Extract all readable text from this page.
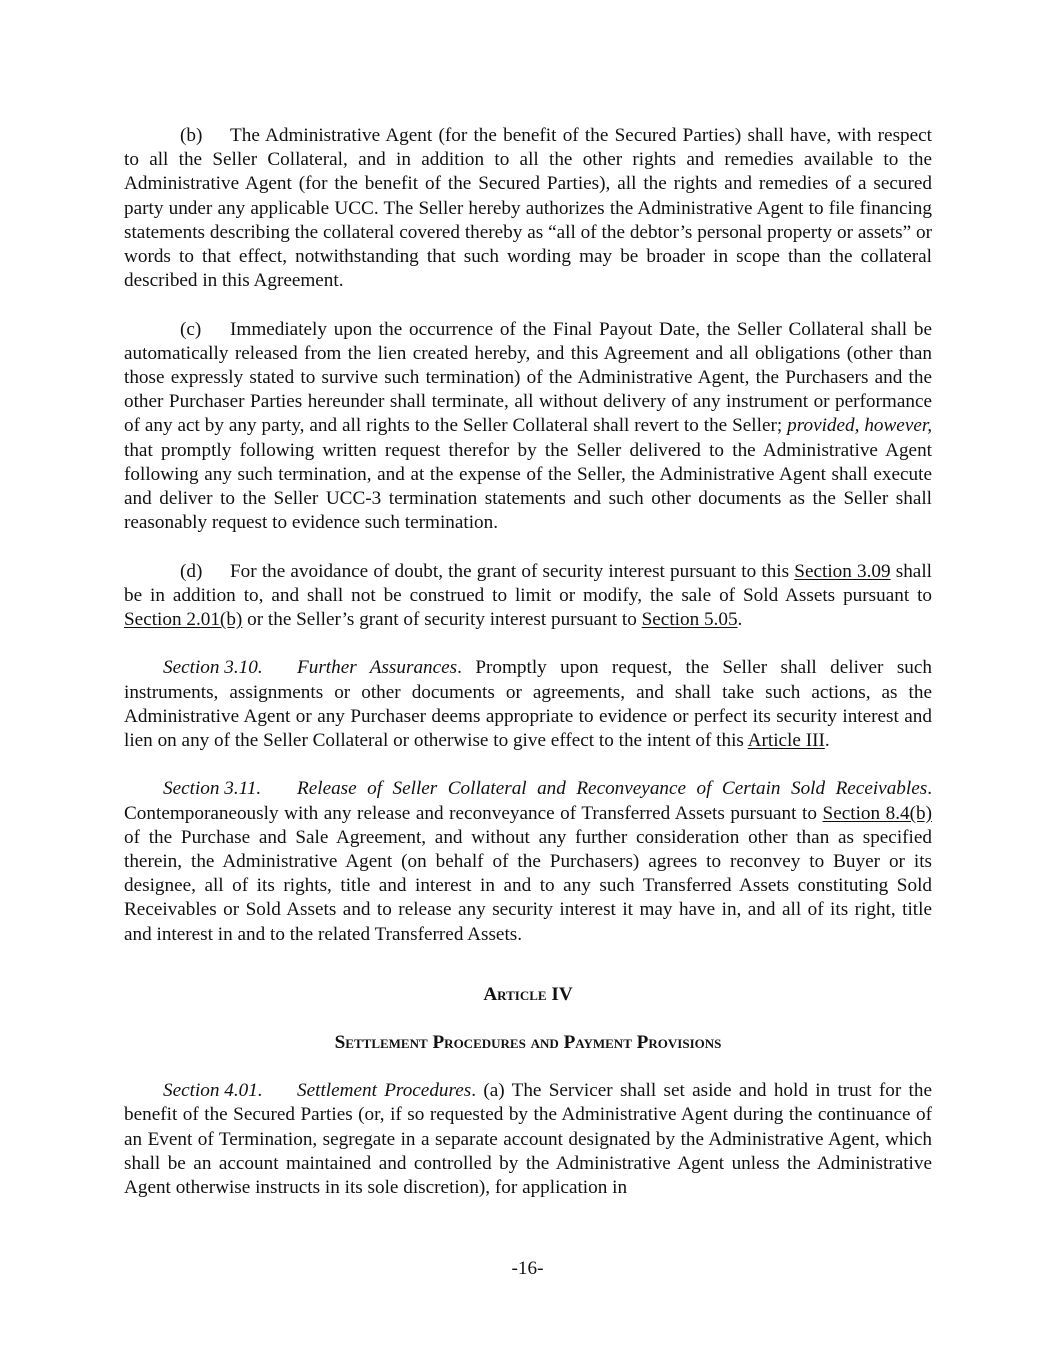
(b) The Administrative Agent (for the benefit of the Secured Parties) shall have, with respect to all the Seller Collateral, and in addition to all the other rights and remedies available to the Administrative Agent (for the benefit of the Secured Parties), all the rights and remedies of a secured party under any applicable UCC. The Seller hereby authorizes the Administrative Agent to file financing statements describing the collateral covered thereby as “all of the debtor’s personal property or assets” or words to that effect, notwithstanding that such wording may be broader in scope than the collateral described in this Agreement.

(c) Immediately upon the occurrence of the Final Payout Date, the Seller Collateral shall be automatically released from the lien created hereby, and this Agreement and all obligations (other than those expressly stated to survive such termination) of the Administrative Agent, the Purchasers and the other Purchaser Parties hereunder shall terminate, all without delivery of any instrument or performance of any act by any party, and all rights to the Seller Collateral shall revert to the Seller; provided, however, that promptly following written request therefor by the Seller delivered to the Administrative Agent following any such termination, and at the expense of the Seller, the Administrative Agent shall execute and deliver to the Seller UCC-3 termination statements and such other documents as the Seller shall reasonably request to evidence such termination.

(d) For the avoidance of doubt, the grant of security interest pursuant to this Section 3.09 shall be in addition to, and shall not be construed to limit or modify, the sale of Sold Assets pursuant to Section 2.01(b) or the Seller’s grant of security interest pursuant to Section 5.05.

Section 3.10. Further Assurances. Promptly upon request, the Seller shall deliver such instruments, assignments or other documents or agreements, and shall take such actions, as the Administrative Agent or any Purchaser deems appropriate to evidence or perfect its security interest and lien on any of the Seller Collateral or otherwise to give effect to the intent of this Article III.

Section 3.11. Release of Seller Collateral and Reconveyance of Certain Sold Receivables. Contemporaneously with any release and reconveyance of Transferred Assets pursuant to Section 8.4(b) of the Purchase and Sale Agreement, and without any further consideration other than as specified therein, the Administrative Agent (on behalf of the Purchasers) agrees to reconvey to Buyer or its designee, all of its rights, title and interest in and to any such Transferred Assets constituting Sold Receivables or Sold Assets and to release any security interest it may have in, and all of its right, title and interest in and to the related Transferred Assets.

Article IV

Settlement Procedures and Payment Provisions

Section 4.01. Settlement Procedures. (a) The Servicer shall set aside and hold in trust for the benefit of the Secured Parties (or, if so requested by the Administrative Agent during the continuance of an Event of Termination, segregate in a separate account designated by the Administrative Agent, which shall be an account maintained and controlled by the Administrative Agent unless the Administrative Agent otherwise instructs in its sole discretion), for application in

-16-
